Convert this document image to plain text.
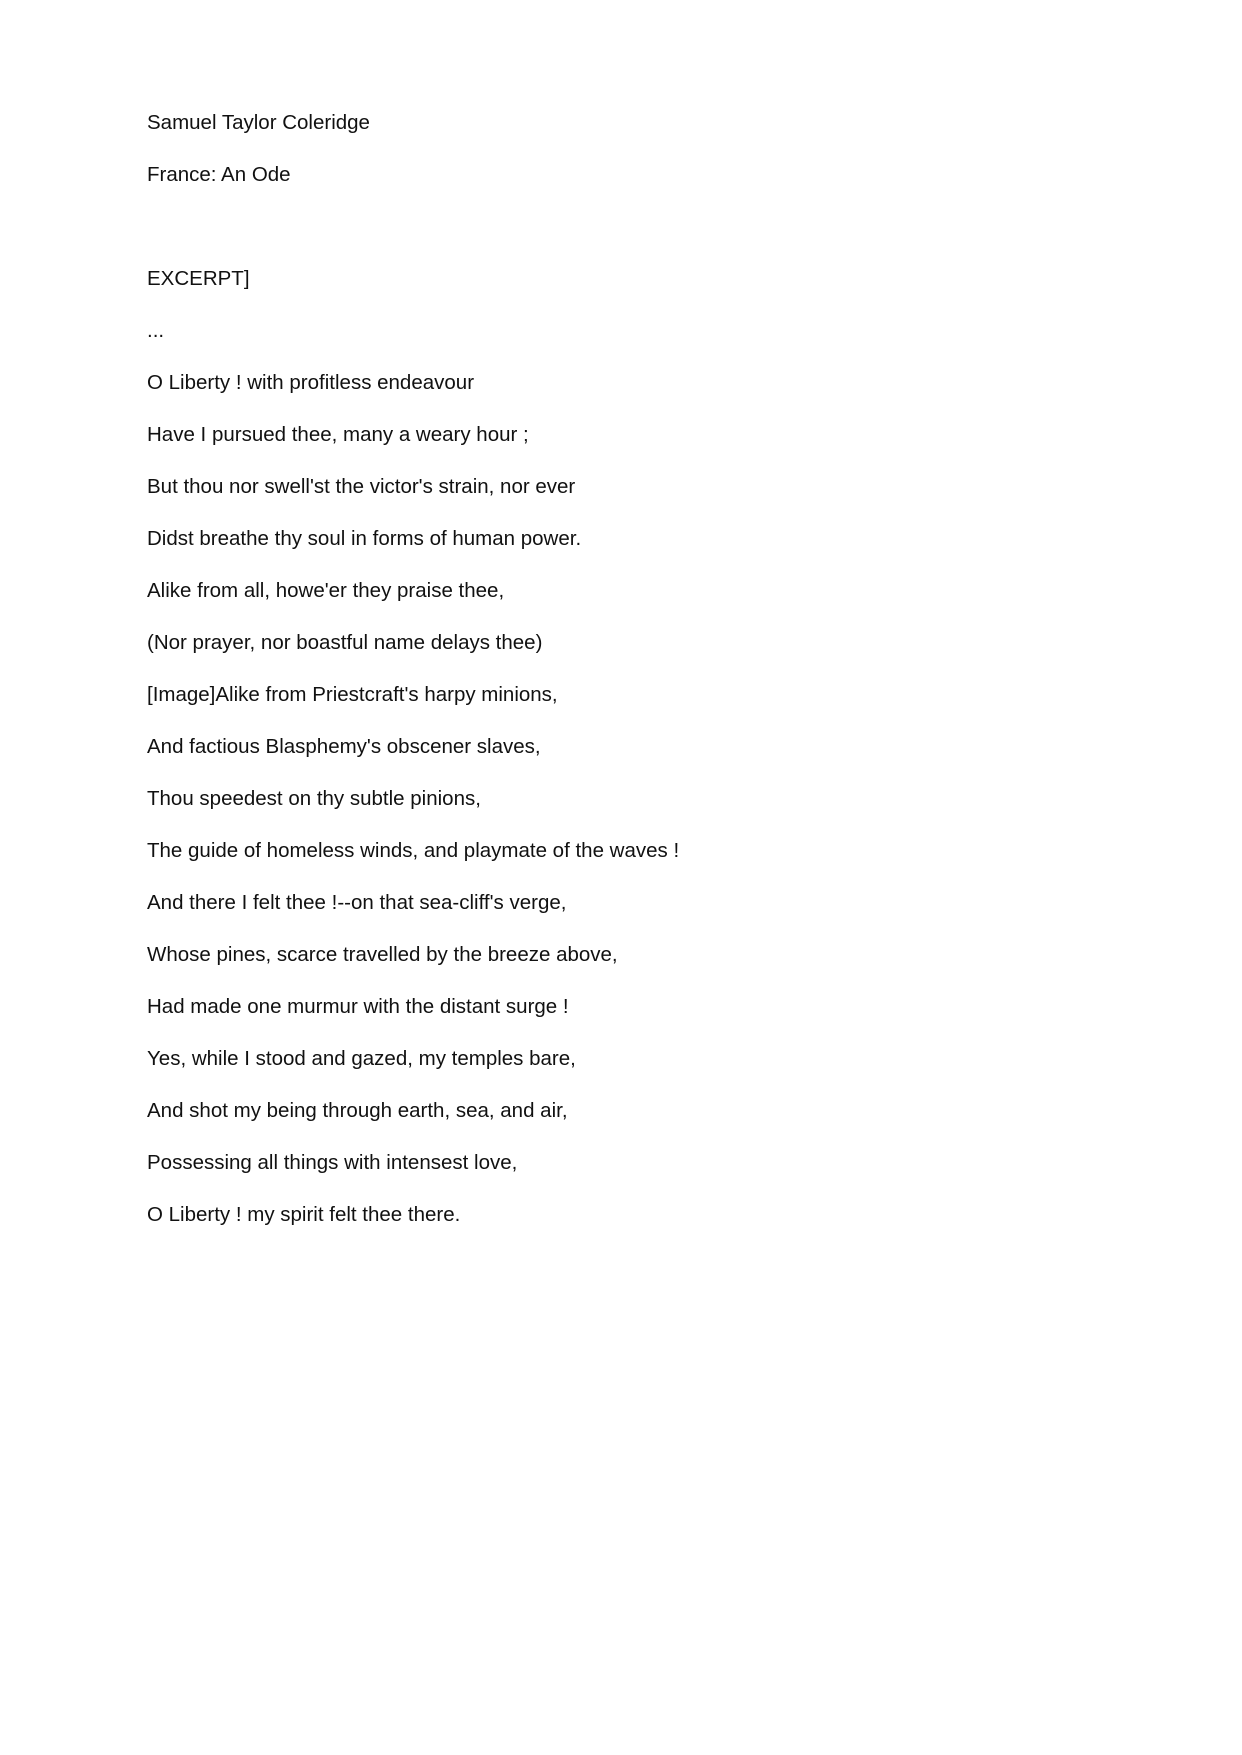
Samuel Taylor Coleridge

France: An Ode

EXCERPT]

...

O Liberty ! with profitless endeavour

Have I pursued thee, many a weary hour ;

But thou nor swell'st the victor's strain, nor ever

Didst breathe thy soul in forms of human power.

Alike from all, howe'er they praise thee,

(Nor prayer, nor boastful name delays thee)

[Image]Alike from Priestcraft's harpy minions,

And factious Blasphemy's obscener slaves,

Thou speedest on thy subtle pinions,

The guide of homeless winds, and playmate of the waves !

And there I felt thee !--on that sea-cliff's verge,

Whose pines, scarce travelled by the breeze above,

Had made one murmur with the distant surge !

Yes, while I stood and gazed, my temples bare,

And shot my being through earth, sea, and air,

Possessing all things with intensest love,

O Liberty ! my spirit felt thee there.
